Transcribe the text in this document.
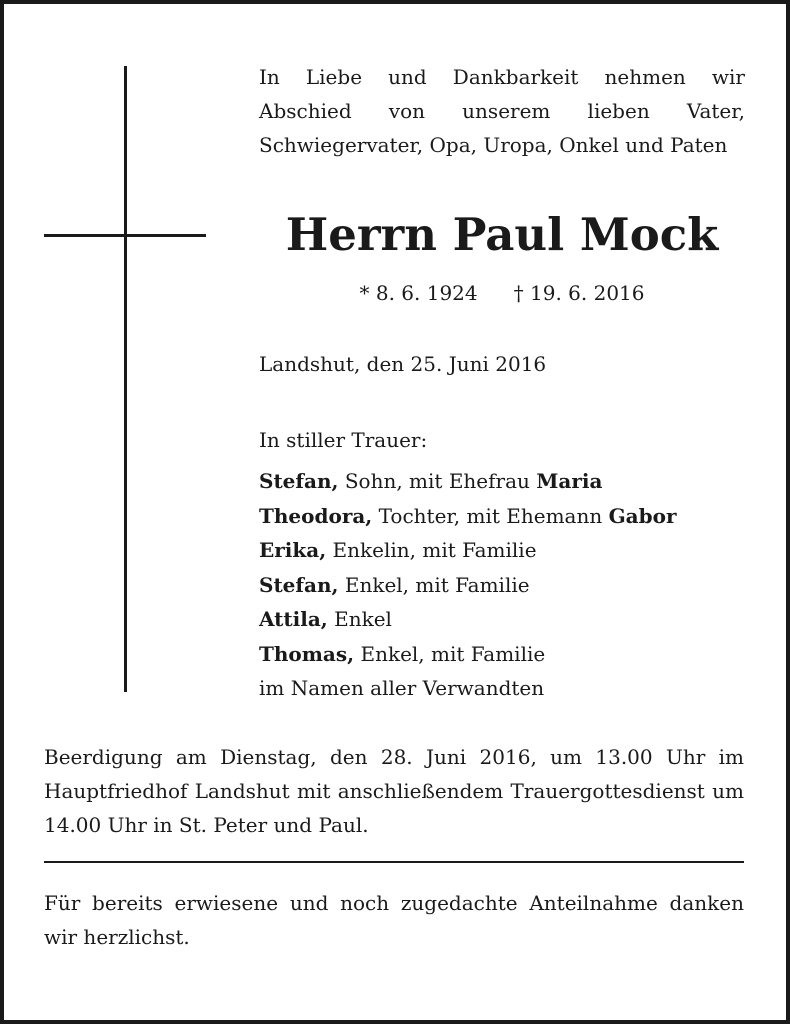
In Liebe und Dankbarkeit nehmen wir Abschied von unserem lieben Vater, Schwiegervater, Opa, Uropa, Onkel und Paten
Herrn Paul Mock
* 8. 6. 1924 † 19. 6. 2016
Landshut, den 25. Juni 2016
In stiller Trauer:
Stefan, Sohn, mit Ehefrau Maria
Theodora, Tochter, mit Ehemann Gabor
Erika, Enkelin, mit Familie
Stefan, Enkel, mit Familie
Attila, Enkel
Thomas, Enkel, mit Familie
im Namen aller Verwandten
Beerdigung am Dienstag, den 28. Juni 2016, um 13.00 Uhr im Hauptfriedhof Landshut mit anschließendem Trauergottesdienst um 14.00 Uhr in St. Peter und Paul.
Für bereits erwiesene und noch zugedachte Anteilnahme danken wir herzlichst.
